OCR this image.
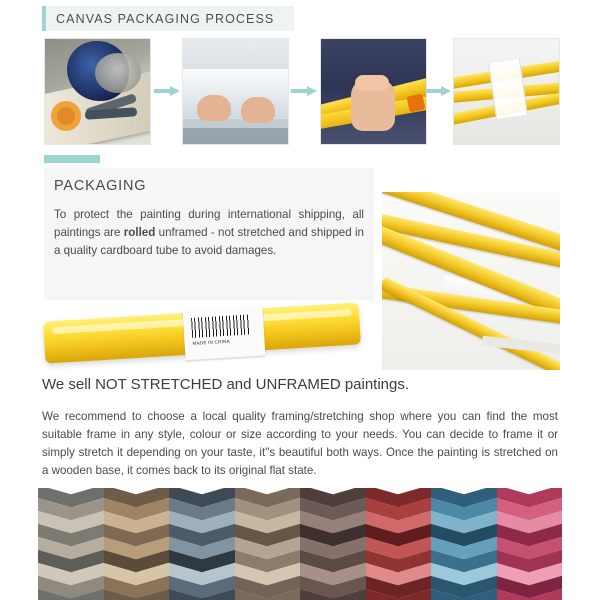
CANVAS PACKAGING PROCESS
PACKAGING
To protect the painting during international shipping, all paintings are rolled unframed - not stretched and shipped in a quality cardboard tube to avoid damages.
MADE IN CHINA
We sell NOT STRETCHED and UNFRAMED paintings.
We recommend to choose a local quality framing/stretching shop where you can find the most suitable frame in any style, colour or size according to your needs. You can decide to frame it or simply stretch it depending on your taste, it"s beautiful both ways. Once the painting is stretched on a wooden base, it comes back to its original flat state.
